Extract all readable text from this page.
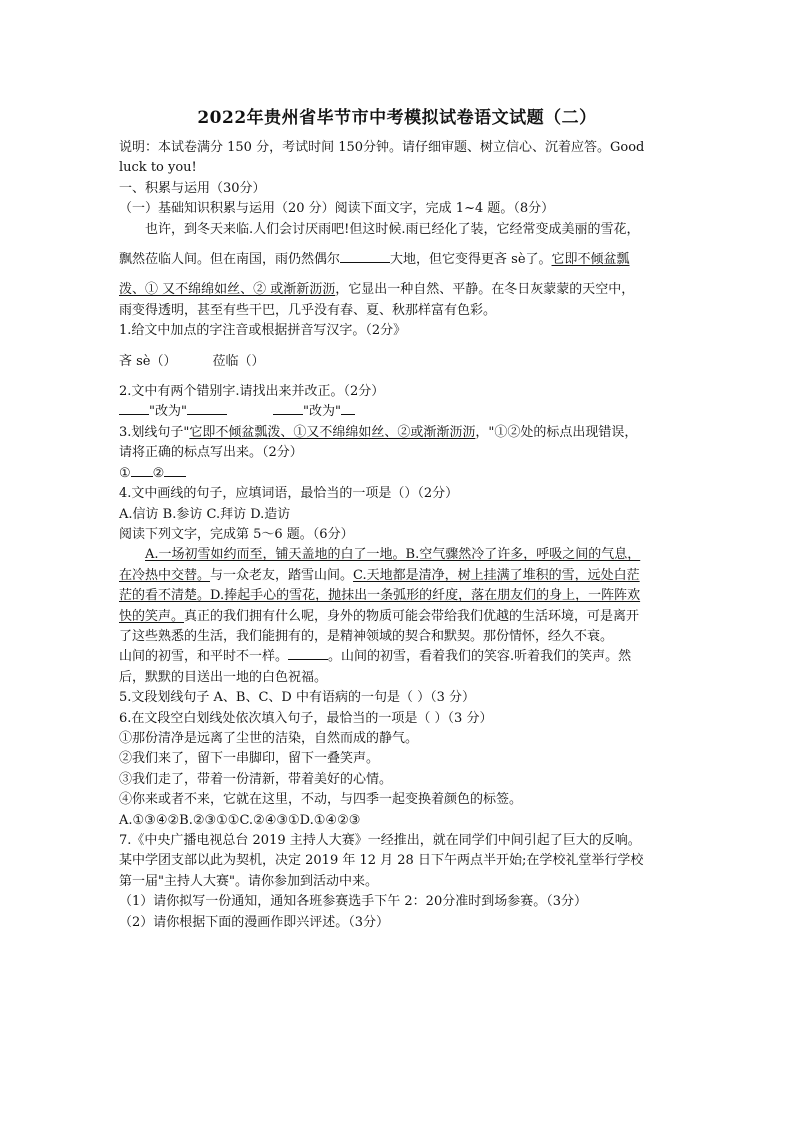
2022年贵州省毕节市中考模拟试卷语文试题（二）

说明：本试卷满分 150 分，考试时间 150分钟。请仔细审题、树立信心、沉着应答。Good

luck to you!

一、积累与运用（30分）

（一）基础知识积累与运用（20 分）阅读下面文字，完成 1~4 题。（8分）

也许，到冬天来临.人们会讨厌雨吧!但这时候.雨已经化了装，它经常变成美丽的雪花，

飘然莅临人间。但在南国，雨仍然偶尔	大地，但它变得更吝 sè了。它即不倾盆瓢

泼、① 又不绵绵如丝、② 或渐新沥沥，它显出一种自然、平静。在冬日灰蒙蒙的天空中，

雨变得透明，甚至有些干巴，几乎没有春、夏、秋那样富有色彩。

1.给文中加点的字注音或根据拼音写汉字。（2分》

吝 sè（）	莅临（）

2.文中有两个错别字.请找出来并改正。（2分）

"改为"	"改为"

3.划线句子"它即不倾盆瓢泼、①又不绵绵如丝、②或渐渐沥沥，"①②处的标点出现错误，

请将正确的标点写出来。（2分）

① ②

4.文中画线的句子，应填词语，最恰当的一项是（）（2分）

A.信访 B.参访 C.拜访 D.造访

阅读下列文字，完成第 5～6 题。（6分）

A.一场初雪如约而至，铺天盖地的白了一地。B.空气骤然冷了许多，呼吸之间的气息，

在冷热中交替。与一众老友，踏雪山间。C.天地都是清净，树上挂满了堆积的雪，远处白茫

茫的看不清楚。D.捧起手心的雪花，抛抹出一条弧形的纤度，落在朋友们的身上，一阵阵欢

快的笑声。真正的我们拥有什么呢，身外的物质可能会带给我们优越的生活环境，可是离开

了这些熟悉的生活，我们能拥有的，是精神领域的契合和默契。那份情怀，经久不衰。

山间的初雪，和平时不一样。	。山间的初雪，看着我们的笑容.听着我们的笑声。然

后，默默的目送出一地的白色祝福。

5.文段划线句子 A、B、C、D 中有语病的一句是（ ）（3 分）

6.在文段空白划线处依次填入句子，最恰当的一项是（ ）（3 分）

①那份清净是远离了尘世的洁染，自然而成的静气。

②我们来了，留下一串脚印，留下一叠笑声。

③我们走了，带着一份清新，带着美好的心情。

④你来或者不来，它就在这里，不动，与四季一起变换着颜色的标签。

A.①③④②B.②③①①C.②④③①D.①④②③

7.《中央广播电视总台 2019 主持人大赛》一经推出，就在同学们中间引起了巨大的反响。

某中学团支部以此为契机，决定 2019 年 12 月 28 日下午两点半开始;在学校礼堂举行学校

第一届"主持人大赛"。请你参加到活动中来。

（1）请你拟写一份通知，通知各班参赛选手下午 2：20分准时到场参赛。（3分）

（2）请你根据下面的漫画作即兴评述。（3分）
